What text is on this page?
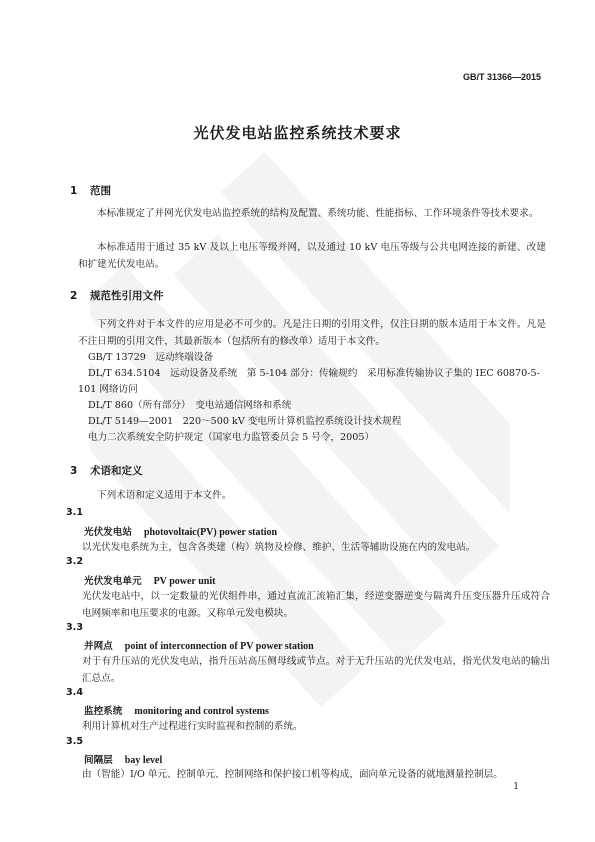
GB/T 31366—2015
光伏发电站监控系统技术要求
1 范围
本标准规定了并网光伏发电站监控系统的结构及配置、系统功能、性能指标、工作环境条件等技术要求。
本标准适用于通过 35 kV 及以上电压等级并网，以及通过 10 kV 电压等级与公共电网连接的新建、改建和扩建光伏发电站。
2 规范性引用文件
下列文件对于本文件的应用是必不可少的。凡是注日期的引用文件，仅注日期的版本适用于本文件。凡是不注日期的引用文件，其最新版本（包括所有的修改单）适用于本文件。
GB/T 13729　远动终端设备
DL/T 634.5104　远动设备及系统　第 5-104 部分：传输规约　采用标准传输协议子集的 IEC 60870-5-101 网络访问
DL/T 860（所有部分）　变电站通信网络和系统
DL/T 5149—2001　220～500 kV 变电所计算机监控系统设计技术规程
电力二次系统安全防护规定（国家电力监管委员会 5 号令，2005）
3 术语和定义
下列术语和定义适用于本文件。
3.1
光伏发电站 photovoltaic(PV) power station
以光伏发电系统为主，包含各类建（构）筑物及检修、维护、生活等辅助设施在内的发电站。
3.2
光伏发电单元 PV power unit
光伏发电站中，以一定数量的光伏组件串，通过直流汇流箱汇集，经逆变器逆变与隔离升压变压器升压成符合电网频率和电压要求的电源。又称单元发电模块。
3.3
并网点 point of interconnection of PV power station
对于有升压站的光伏发电站，指升压站高压侧母线或节点。对于无升压站的光伏发电站，指光伏发电站的输出汇总点。
3.4
监控系统 monitoring and control systems
利用计算机对生产过程进行实时监视和控制的系统。
3.5
间隔层 bay level
由（智能）I/O 单元、控制单元、控制网络和保护接口机等构成，面向单元设备的就地测量控制层。
1
